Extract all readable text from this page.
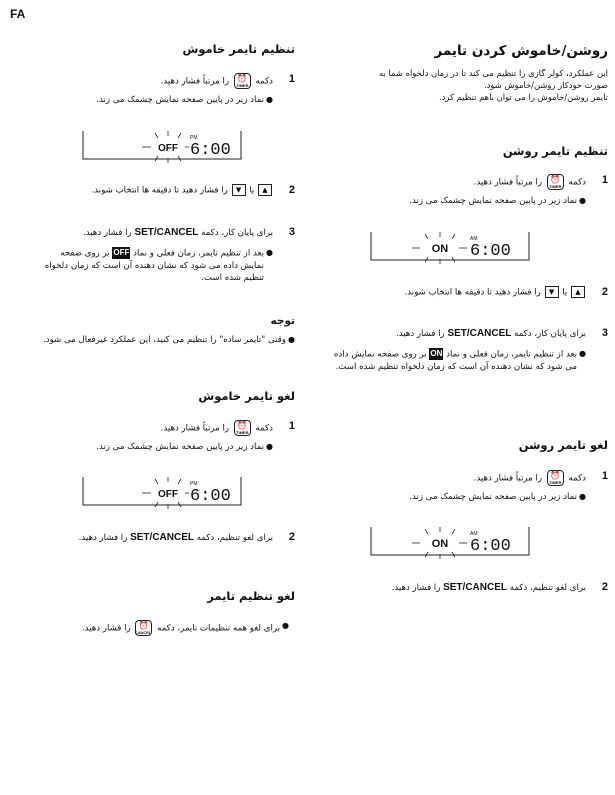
FA
روشن/خاموش کردن تایمر

این عملکرد، کولر گازی را تنظیم می کند تا در زمان دلخواه شما به

صورت خودکار روشن/خاموش شود.

تایمر روشن/خاموش را می توان باهم تنظیم کرد.

تنظیم تایمر روشن
1
دکمه
⏰
TIMER
را مرتباً فشار دهید.
●
نماد زیر در پایین صفحه نمایش چشمک می زند.
ON
AM
6:00
2
▲ یا ▼ را فشار دهید تا دقیقه ها انتخاب شوند.
3
برای پایان کار، دکمه SET/CANCEL را فشار دهید.
●
بعد از تنظیم تایمر، زمان فعلی و نماد ON بر روی صفحه نمایش داده می شود که نشان دهنده آن است که زمان دلخواه تنظیم شده است.
لغو تایمر روشن
1
دکمه
⏰
TIMER
را مرتباً فشار دهید.
●
نماد زیر در پایین صفحه نمایش چشمک می زند.
ON
AM
6:00
2
برای لغو تنظیم، دکمه SET/CANCEL را فشار دهید.
تنظیم تایمر خاموش
1
دکمه
⏰
TIMER
را مرتباً فشار دهید.
●
نماد زیر در پایین صفحه نمایش چشمک می زند.
OFF
PM
6:00
2
▲ یا ▼ را فشار دهید تا دقیقه ها انتخاب شوند.
3
برای پایان کار، دکمه SET/CANCEL را فشار دهید.
●
بعد از تنظیم تایمر، زمان فعلی و نماد OFF بر روی صفحه نمایش داده می شود که نشان دهنده آن است که زمان دلخواه تنظیم شده است.
توجه
●
وقتی "تایمر ساده" را تنظیم می کنید، این عملکرد غیرفعال می شود.
لغو تایمر خاموش
1
دکمه
⏰
TIMER
را مرتباً فشار دهید.
●
نماد زیر در پایین صفحه نمایش چشمک می زند.
OFF
PM
6:00
2
برای لغو تنظیم، دکمه SET/CANCEL را فشار دهید.
لغو تنظیم تایمر
●
برای لغو همه تنظیمات تایمر، دکمه
⏰
CANCEL
را فشار دهید.
